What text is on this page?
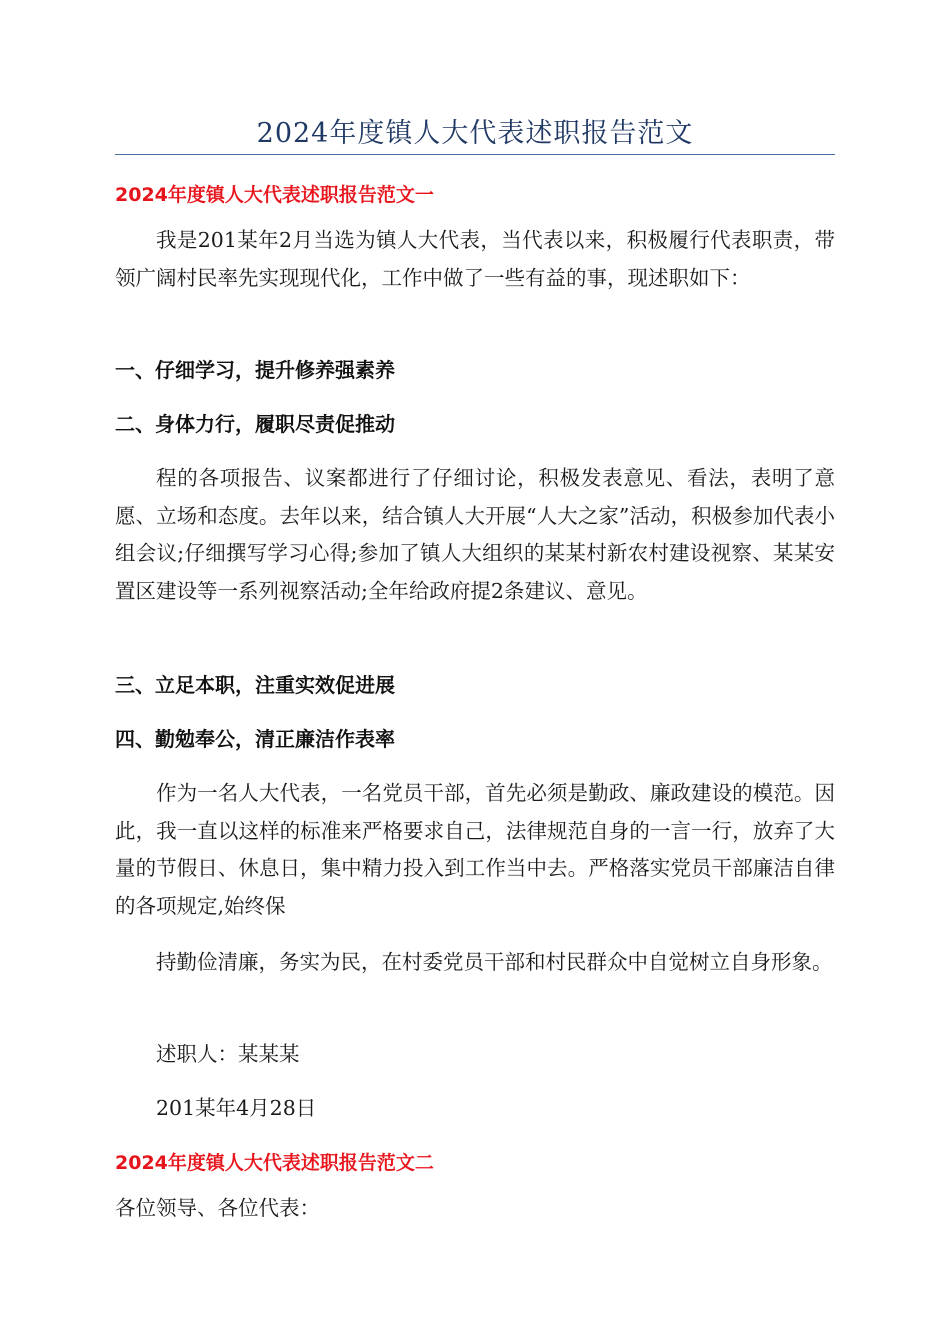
2024年度镇人大代表述职报告范文
2024年度镇人大代表述职报告范文一
我是201某年2月当选为镇人大代表，当代表以来，积极履行代表职责，带领广阔村民率先实现现代化，工作中做了一些有益的事，现述职如下：
一、仔细学习，提升修养强素养
二、身体力行，履职尽责促推动
程的各项报告、议案都进行了仔细讨论，积极发表意见、看法，表明了意愿、立场和态度。去年以来，结合镇人大开展“人大之家”活动，积极参加代表小组会议;仔细撰写学习心得;参加了镇人大组织的某某村新农村建设视察、某某安置区建设等一系列视察活动;全年给政府提2条建议、意见。
三、立足本职，注重实效促进展
四、勤勉奉公，清正廉洁作表率
作为一名人大代表，一名党员干部，首先必须是勤政、廉政建设的模范。因此，我一直以这样的标准来严格要求自己，法律规范自身的一言一行，放弃了大量的节假日、休息日，集中精力投入到工作当中去。严格落实党员干部廉洁自律的各项规定,始终保
持勤俭清廉，务实为民，在村委党员干部和村民群众中自觉树立自身形象。
述职人：某某某
201某年4月28日
2024年度镇人大代表述职报告范文二
各位领导、各位代表：
